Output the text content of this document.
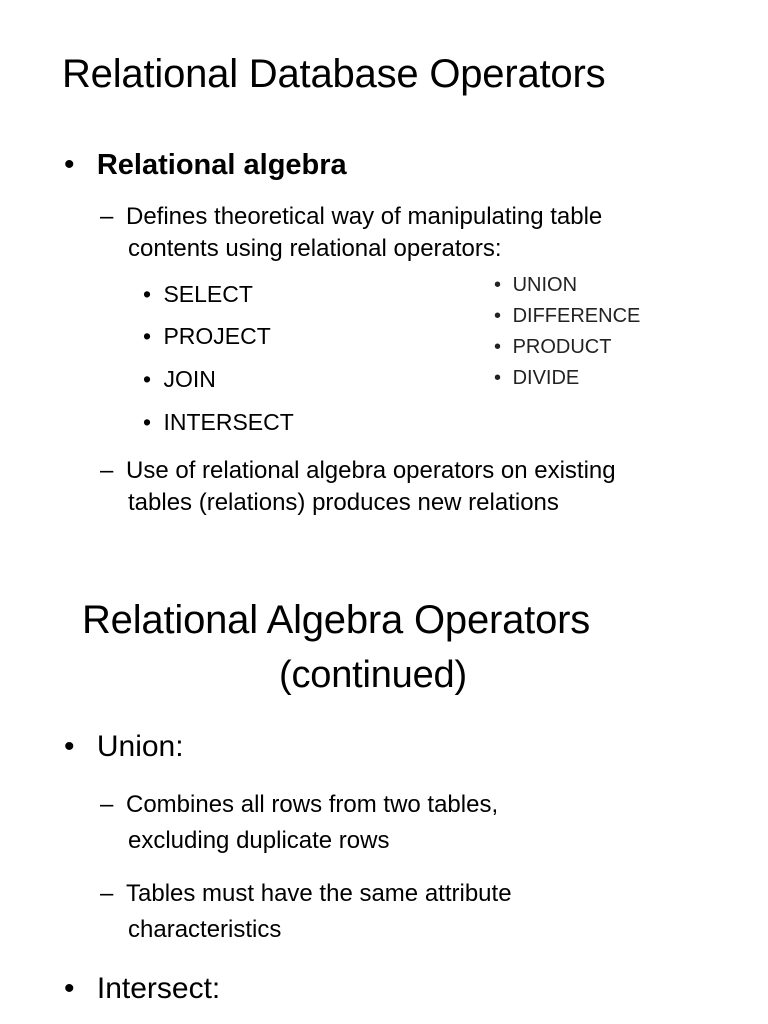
Relational Database Operators
• Relational algebra
– Defines theoretical way of manipulating table
contents using relational operators:
• SELECT
• PROJECT
• JOIN
• INTERSECT
• UNION
• DIFFERENCE
• PRODUCT
• DIVIDE
– Use of relational algebra operators on existing
tables (relations) produces new relations
Relational Algebra Operators
(continued)
• Union:
– Combines all rows from two tables,
excluding duplicate rows
– Tables must have the same attribute
characteristics
• Intersect:
